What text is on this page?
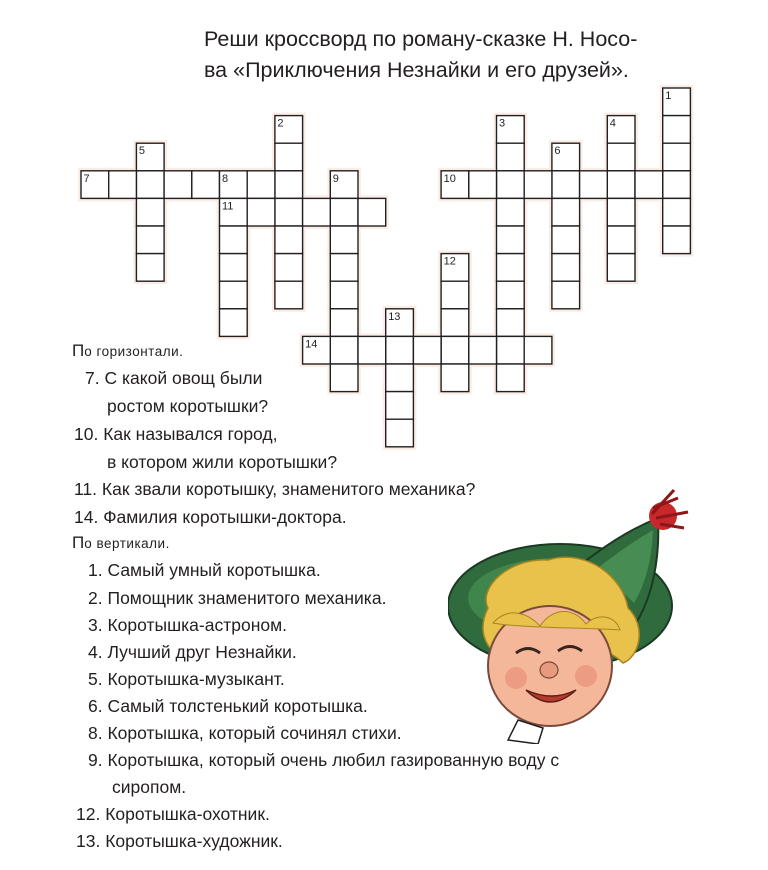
Реши кроссворд по роману-сказке Н. Носо-
ва «Приключения Незнайки и его друзей».
1
2	3	4
5	6
7	8	9	10
11
12
13
14
По горизонтали.
7. С какой овощ были
ростом коротышки?
10. Как назывался город,
в котором жили коротышки?
11. Как звали коротышку, знаменитого механика?
14. Фамилия коротышки-доктора.
По вертикали.
1. Самый умный коротышка.
2. Помощник знаменитого механика.
3. Коротышка-астроном.
4. Лучший друг Незнайки.
5. Коротышка-музыкант.
6. Самый толстенький коротышка.
8. Коротышка, который сочинял стихи.
9. Коротышка, который очень любил газированную воду с
сиропом.
12. Коротышка-охотник.
13. Коротышка-художник.
